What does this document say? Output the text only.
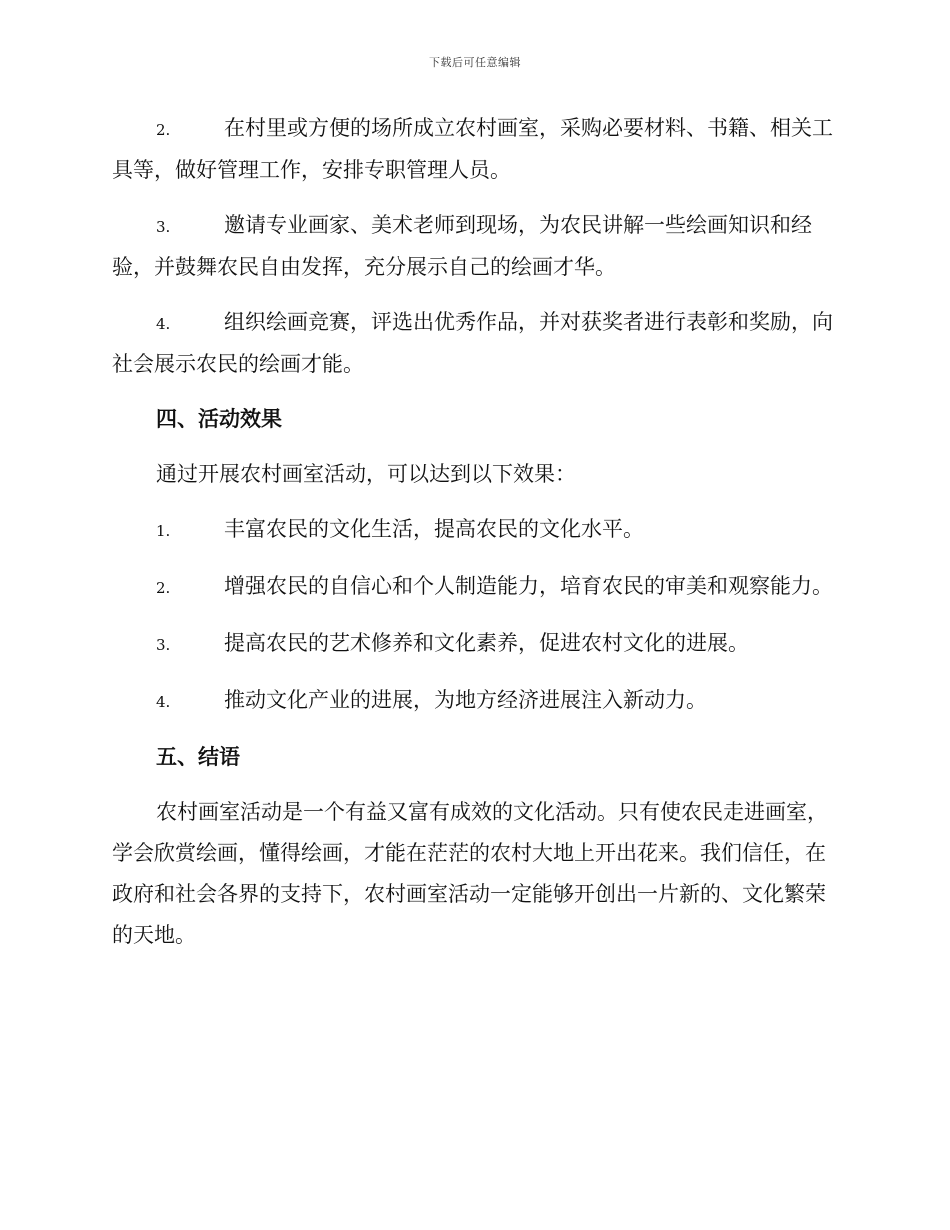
下载后可任意编辑

2.	在村里或方便的场所成立农村画室，采购必要材料、书籍、相关工具等，做好管理工作，安排专职管理人员。

3.	邀请专业画家、美术老师到现场，为农民讲解一些绘画知识和经验，并鼓舞农民自由发挥，充分展示自己的绘画才华。

4.	组织绘画竞赛，评选出优秀作品，并对获奖者进行表彰和奖励，向社会展示农民的绘画才能。

四、活动效果

通过开展农村画室活动，可以达到以下效果：

1.	丰富农民的文化生活，提高农民的文化水平。

2.	增强农民的自信心和个人制造能力，培育农民的审美和观察能力。

3.	提高农民的艺术修养和文化素养，促进农村文化的进展。

4.	推动文化产业的进展，为地方经济进展注入新动力。

五、结语

农村画室活动是一个有益又富有成效的文化活动。只有使农民走进画室，学会欣赏绘画，懂得绘画，才能在茫茫的农村大地上开出花来。我们信任，在政府和社会各界的支持下，农村画室活动一定能够开创出一片新的、文化繁荣的天地。
